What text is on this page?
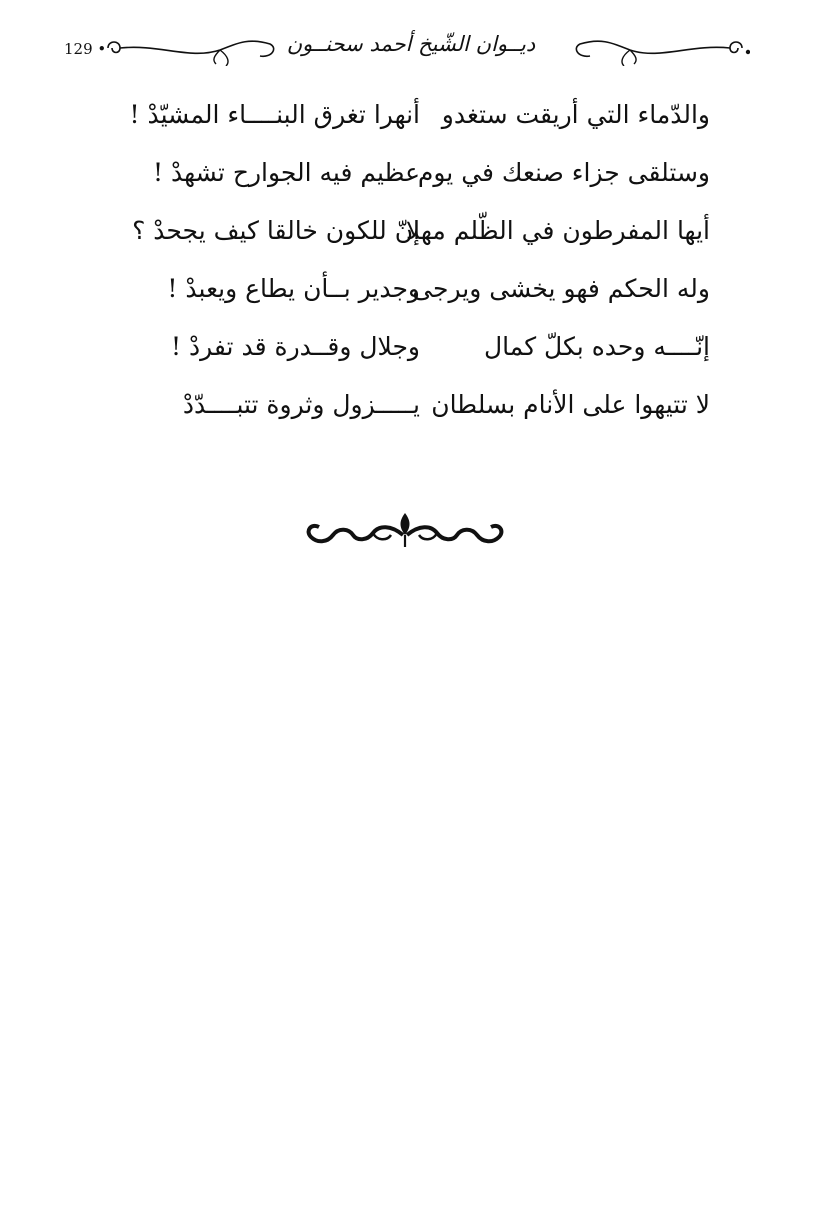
129 •	ديــوان الشّيخ أحمد سحنــون
والدّماء التي أريقت ستغدو
أنهرا تغرق البنــــاء المشيّدْ !
وستلقى جزاء صنعك في يوم
عظيم فيه الجوارح تشهدْ !
أيها المفرطون في الظّلم مهلا
إنّ للكون خالقا كيف يجحدْ ؟
وله الحكم فهو يخشى ويرجى
وجدير بــأن يطاع ويعبدْ !
إنّــــه وحده بكلّ كمال
وجلال وقــدرة قد تفردْ !
لا تتيهوا على الأنام بسلطان
يـــــزول وثروة تتبــــدّدْ
